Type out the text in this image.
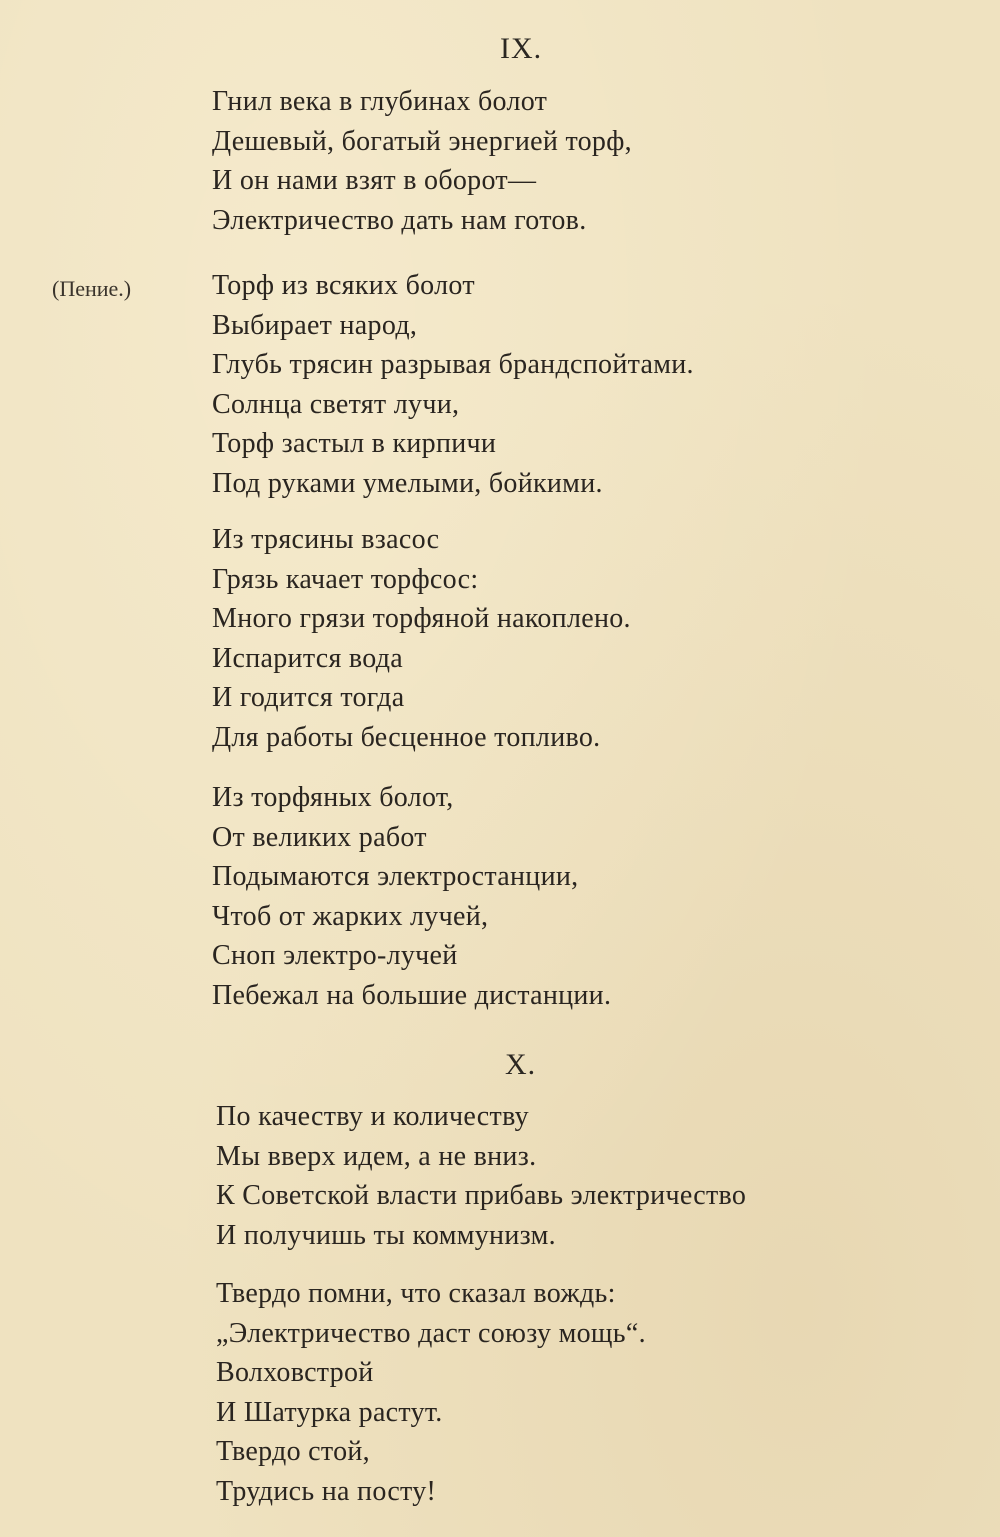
IX.
Гнил века в глубинах болот
Дешевый, богатый энергией торф,
И он нами взят в оборот—
Электричество дать нам готов.
(Пение.)	Торф из всяких болот
Выбирает народ,
Глубь трясин разрывая брандспойтами.
Солнца светят лучи,
Торф застыл в кирпичи
Под руками умелыми, бойкими.
Из трясины взасос
Грязь качает торфсос:
Много грязи торфяной накоплено.
Испарится вода
И годится тогда
Для работы бесценное топливо.
Из торфяных болот,
От великих работ
Подымаются электростанции,
Чтоб от жарких лучей,
Сноп электро-лучей
Пебежал на большие дистанции.
X.
По качеству и количеству
Мы вверх идем, а не вниз.
К Советской власти прибавь электричество
И получишь ты коммунизм.
Твердо помни, что сказал вождь:
„Электричество даст союзу мощь“.
Волховстрой
И Шатурка растут.
Твердо стой,
Трудись на посту!
